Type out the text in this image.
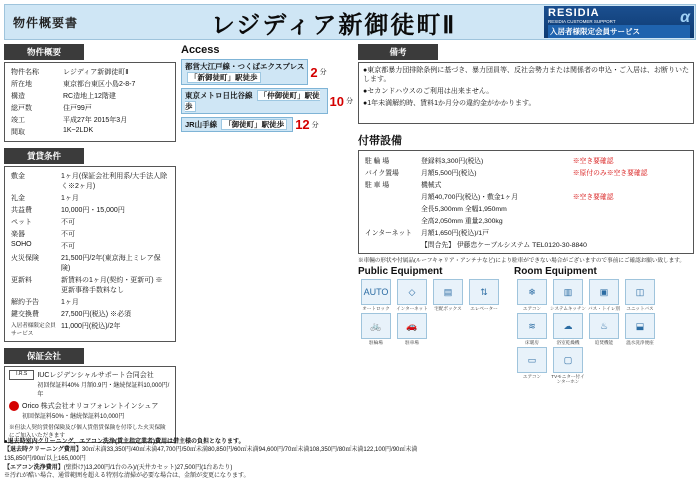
物件概要書	レジディア新御徒町Ⅱ	RESIDIA
RESIDIA CUSTOMER SUPPORT
入居者様限定会員サービス
α
物件概要
物件名称	レジディア新御徒町Ⅱ
所在地	東京都台東区小島2-8-7
構造	RC造地上12階建
総戸数	住戸99戸
竣工	平成27年 2015年3月
間取	1K~2LDK
賃貸条件
敷金	1ヶ月(保証会社利用系/大手法人除く※2ヶ月)
礼金	1ヶ月
共益費	10,000円・15,000円
ペット	不可
楽器	不可
SOHO	不可
火災保険	21,500円/2年(東京海上ミレア保険)
更新料	新賃料の1ヶ月(契約・更新可) ※更新事務手数料なし
解約予告	1ヶ月
鍵交換費	27,500円(税込) ※必須
入居者様限定会員サービス	11,000円(税込)/2年
保証会社
I.R.S	IUCレジデンシャルサポート合同会社
初回保証料40% 月額0.9円・継続保証料10,000円/年
Orico 株式会社オリコフォレントインシュア
初回保証料50%・継続保証料10,000円
※但法人契約賃借保険及び個人賃借賃保険を付帯した火災保険にご加入いただきます
Access
都営大江戸線・つくばエクスプレス
「新御徒町」駅徒歩	2 分
東京メトロ日比谷線 「仲御徒町」駅徒歩	10 分
JR山手線 「御徒町」駅徒歩 12 分
備考
●東京都暴力団排除条例に基づき、暴力団員等、反社会勢力または関係者の申込・ご入居は、お断りいたします。
●セカンドハウスのご利用は出来ません。
●1年未満解約時、賃料1か月分の違約金がかかります。
付帯設備
駐 輪 場	登録料3,300円(税込)	※空き要確認
バイク置場	月額5,500円(税込)	※原付のみ※空き要確認
駐 車 場	機械式	
	月額40,700円(税込)・敷金1ヶ月	※空き要確認
	全長5,300mm 全幅1,950mm	
	全高2,050mm 重量2,300kg	
インターネット	月額1,650円(税込)/1戸	
	【問合先】 伊藤忠ケーブルシステム TEL0120-30-8840	
※車輛の形状や付属品(ルーフキャリア・アンテナなど)により駐車ができない場合がございますので事前にご確認お願い致します。
Public Equipment
AUTO
オートロック
◇
インターネット
▤
宅配ボックス
⇅
エレベーター
🚲
駐輪場
🚗
駐車場
Room Equipment
❄
エアコン
▥
システムキッチン
▣
バス・トイレ別
◫
ユニットバス
≋
床暖房
☁
浴室乾燥機
♨
追焚機能
⬓
温水洗浄便座
▭
エアコン
▢
TVモニター付インターホン
●退去時室内クリーニング、エアコン洗浄(賃主指定業者)費用は借主様の負担となります。
【退去時クリーニング費用】30㎡未満33,350円/40㎡未満47,700円/50㎡未満80,850円/60㎡未満94,600円/70㎡未満108,350円/80㎡未満122,100円/90㎡未満
135,850円/90㎡以上165,000円
【エアコン洗浄費用】(壁掛け)13,200円/1台のみ)/(天井カセット)27,500円(1台あたり)
※汚れが酷い場合、通常範囲を超える特別な清掃が必要な場合は、金額が変更になります。
